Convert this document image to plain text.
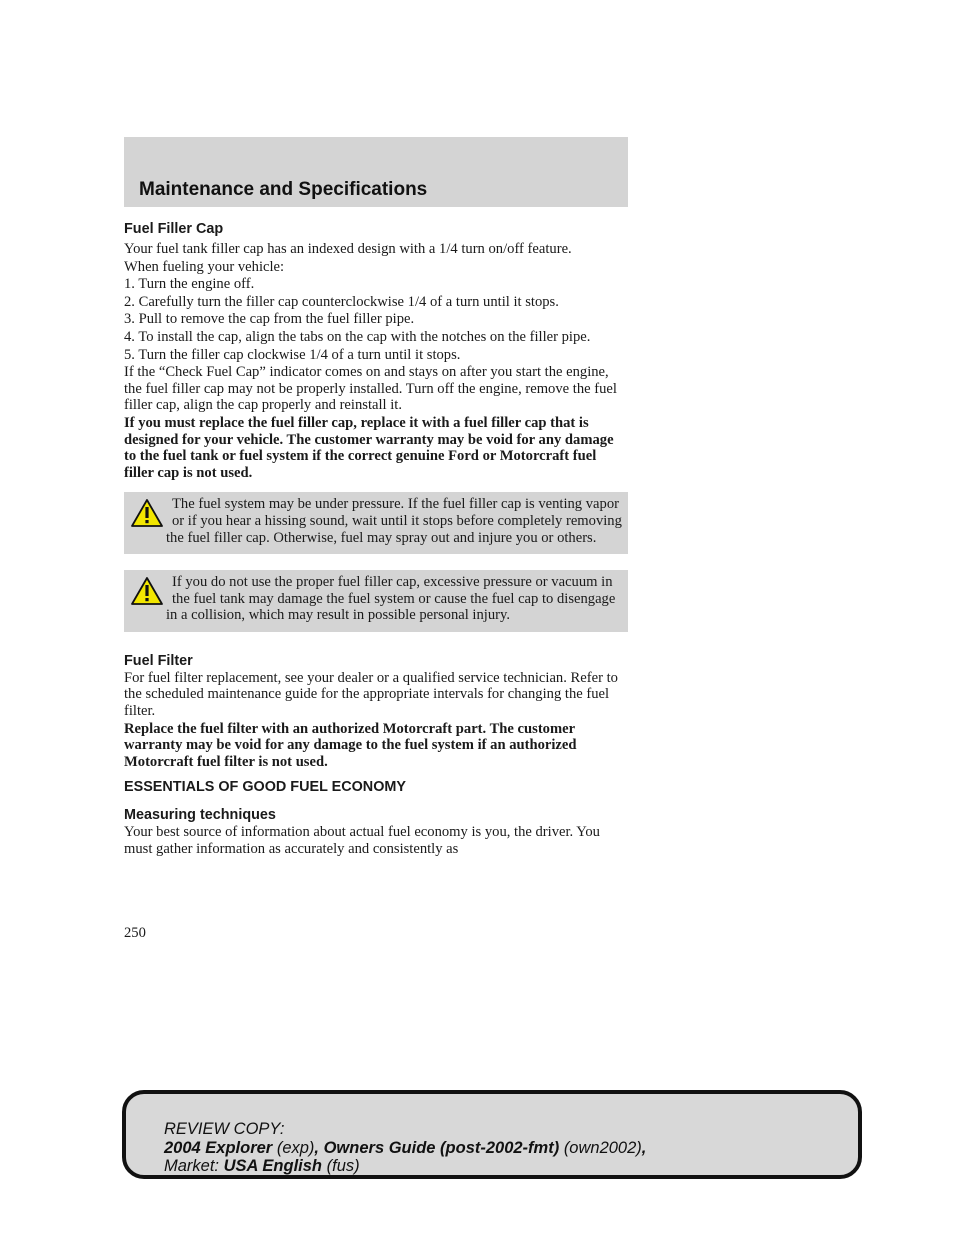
Maintenance and Specifications

Fuel Filler Cap

Your fuel tank filler cap has an indexed design with a 1/4 turn on/off feature.

When fueling your vehicle:

1. Turn the engine off.

2. Carefully turn the filler cap counterclockwise 1/4 of a turn until it stops.

3. Pull to remove the cap from the fuel filler pipe.

4. To install the cap, align the tabs on the cap with the notches on the filler pipe.

5. Turn the filler cap clockwise 1/4 of a turn until it stops.

If the “Check Fuel Cap” indicator comes on and stays on after you start the engine, the fuel filler cap may not be properly installed. Turn off the engine, remove the fuel filler cap, align the cap properly and reinstall it.

If you must replace the fuel filler cap, replace it with a fuel filler cap that is designed for your vehicle. The customer warranty may be void for any damage to the fuel tank or fuel system if the correct genuine Ford or Motorcraft fuel filler cap is not used.

The fuel system may be under pressure. If the fuel filler cap is venting vapor or if you hear a hissing sound, wait until it stops before completely removing the fuel filler cap. Otherwise, fuel may spray out and injure you or others.

If you do not use the proper fuel filler cap, excessive pressure or vacuum in the fuel tank may damage the fuel system or cause the fuel cap to disengage in a collision, which may result in possible personal injury.

Fuel Filter

For fuel filter replacement, see your dealer or a qualified service technician. Refer to the scheduled maintenance guide for the appropriate intervals for changing the fuel filter.

Replace the fuel filter with an authorized Motorcraft part. The customer warranty may be void for any damage to the fuel system if an authorized Motorcraft fuel filter is not used.

ESSENTIALS OF GOOD FUEL ECONOMY

Measuring techniques

Your best source of information about actual fuel economy is you, the driver. You must gather information as accurately and consistently as

250
REVIEW COPY:
2004 Explorer (exp), Owners Guide (post-2002-fmt) (own2002),
Market: USA English (fus)
